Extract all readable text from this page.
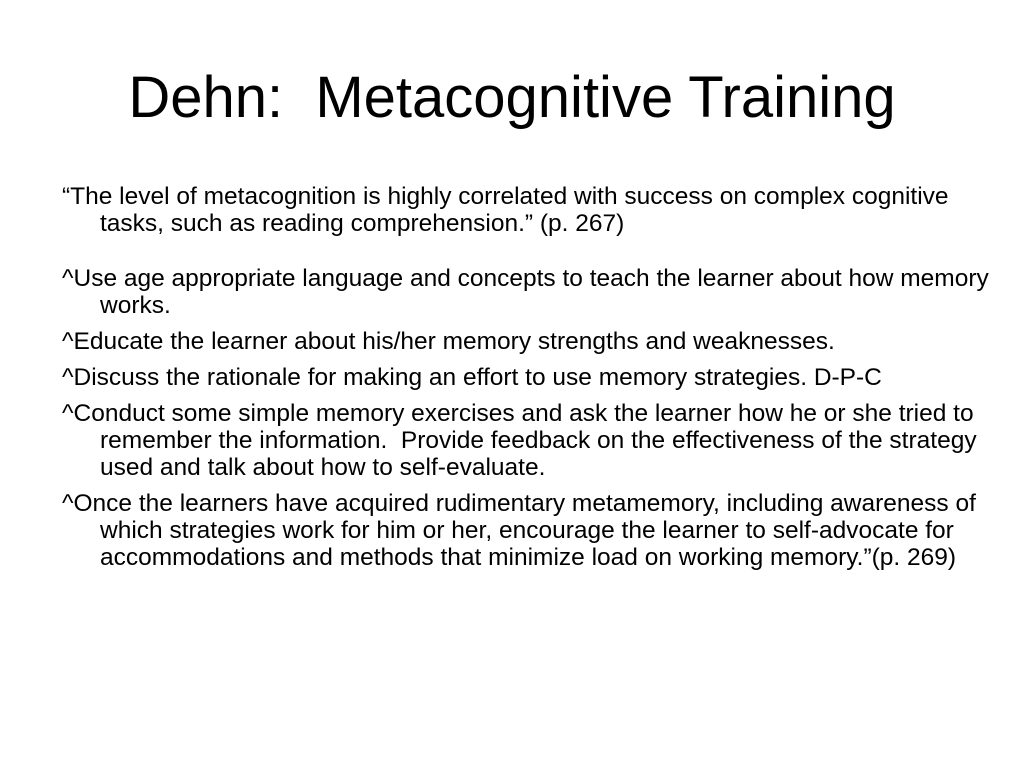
Dehn:  Metacognitive Training

“The level of metacognition is highly correlated with success on complex cognitive tasks, such as reading comprehension.” (p. 267)

^Use age appropriate language and concepts to teach the learner about how memory works.

^Educate the learner about his/her memory strengths and weaknesses.

^Discuss the rationale for making an effort to use memory strategies. D-P-C

^Conduct some simple memory exercises and ask the learner how he or she tried to remember the information.  Provide feedback on the effectiveness of the strategy used and talk about how to self-evaluate.

^Once the learners have acquired rudimentary metamemory, including awareness of which strategies work for him or her, encourage the learner to self-advocate for accommodations and methods that minimize load on working memory.”(p. 269)
